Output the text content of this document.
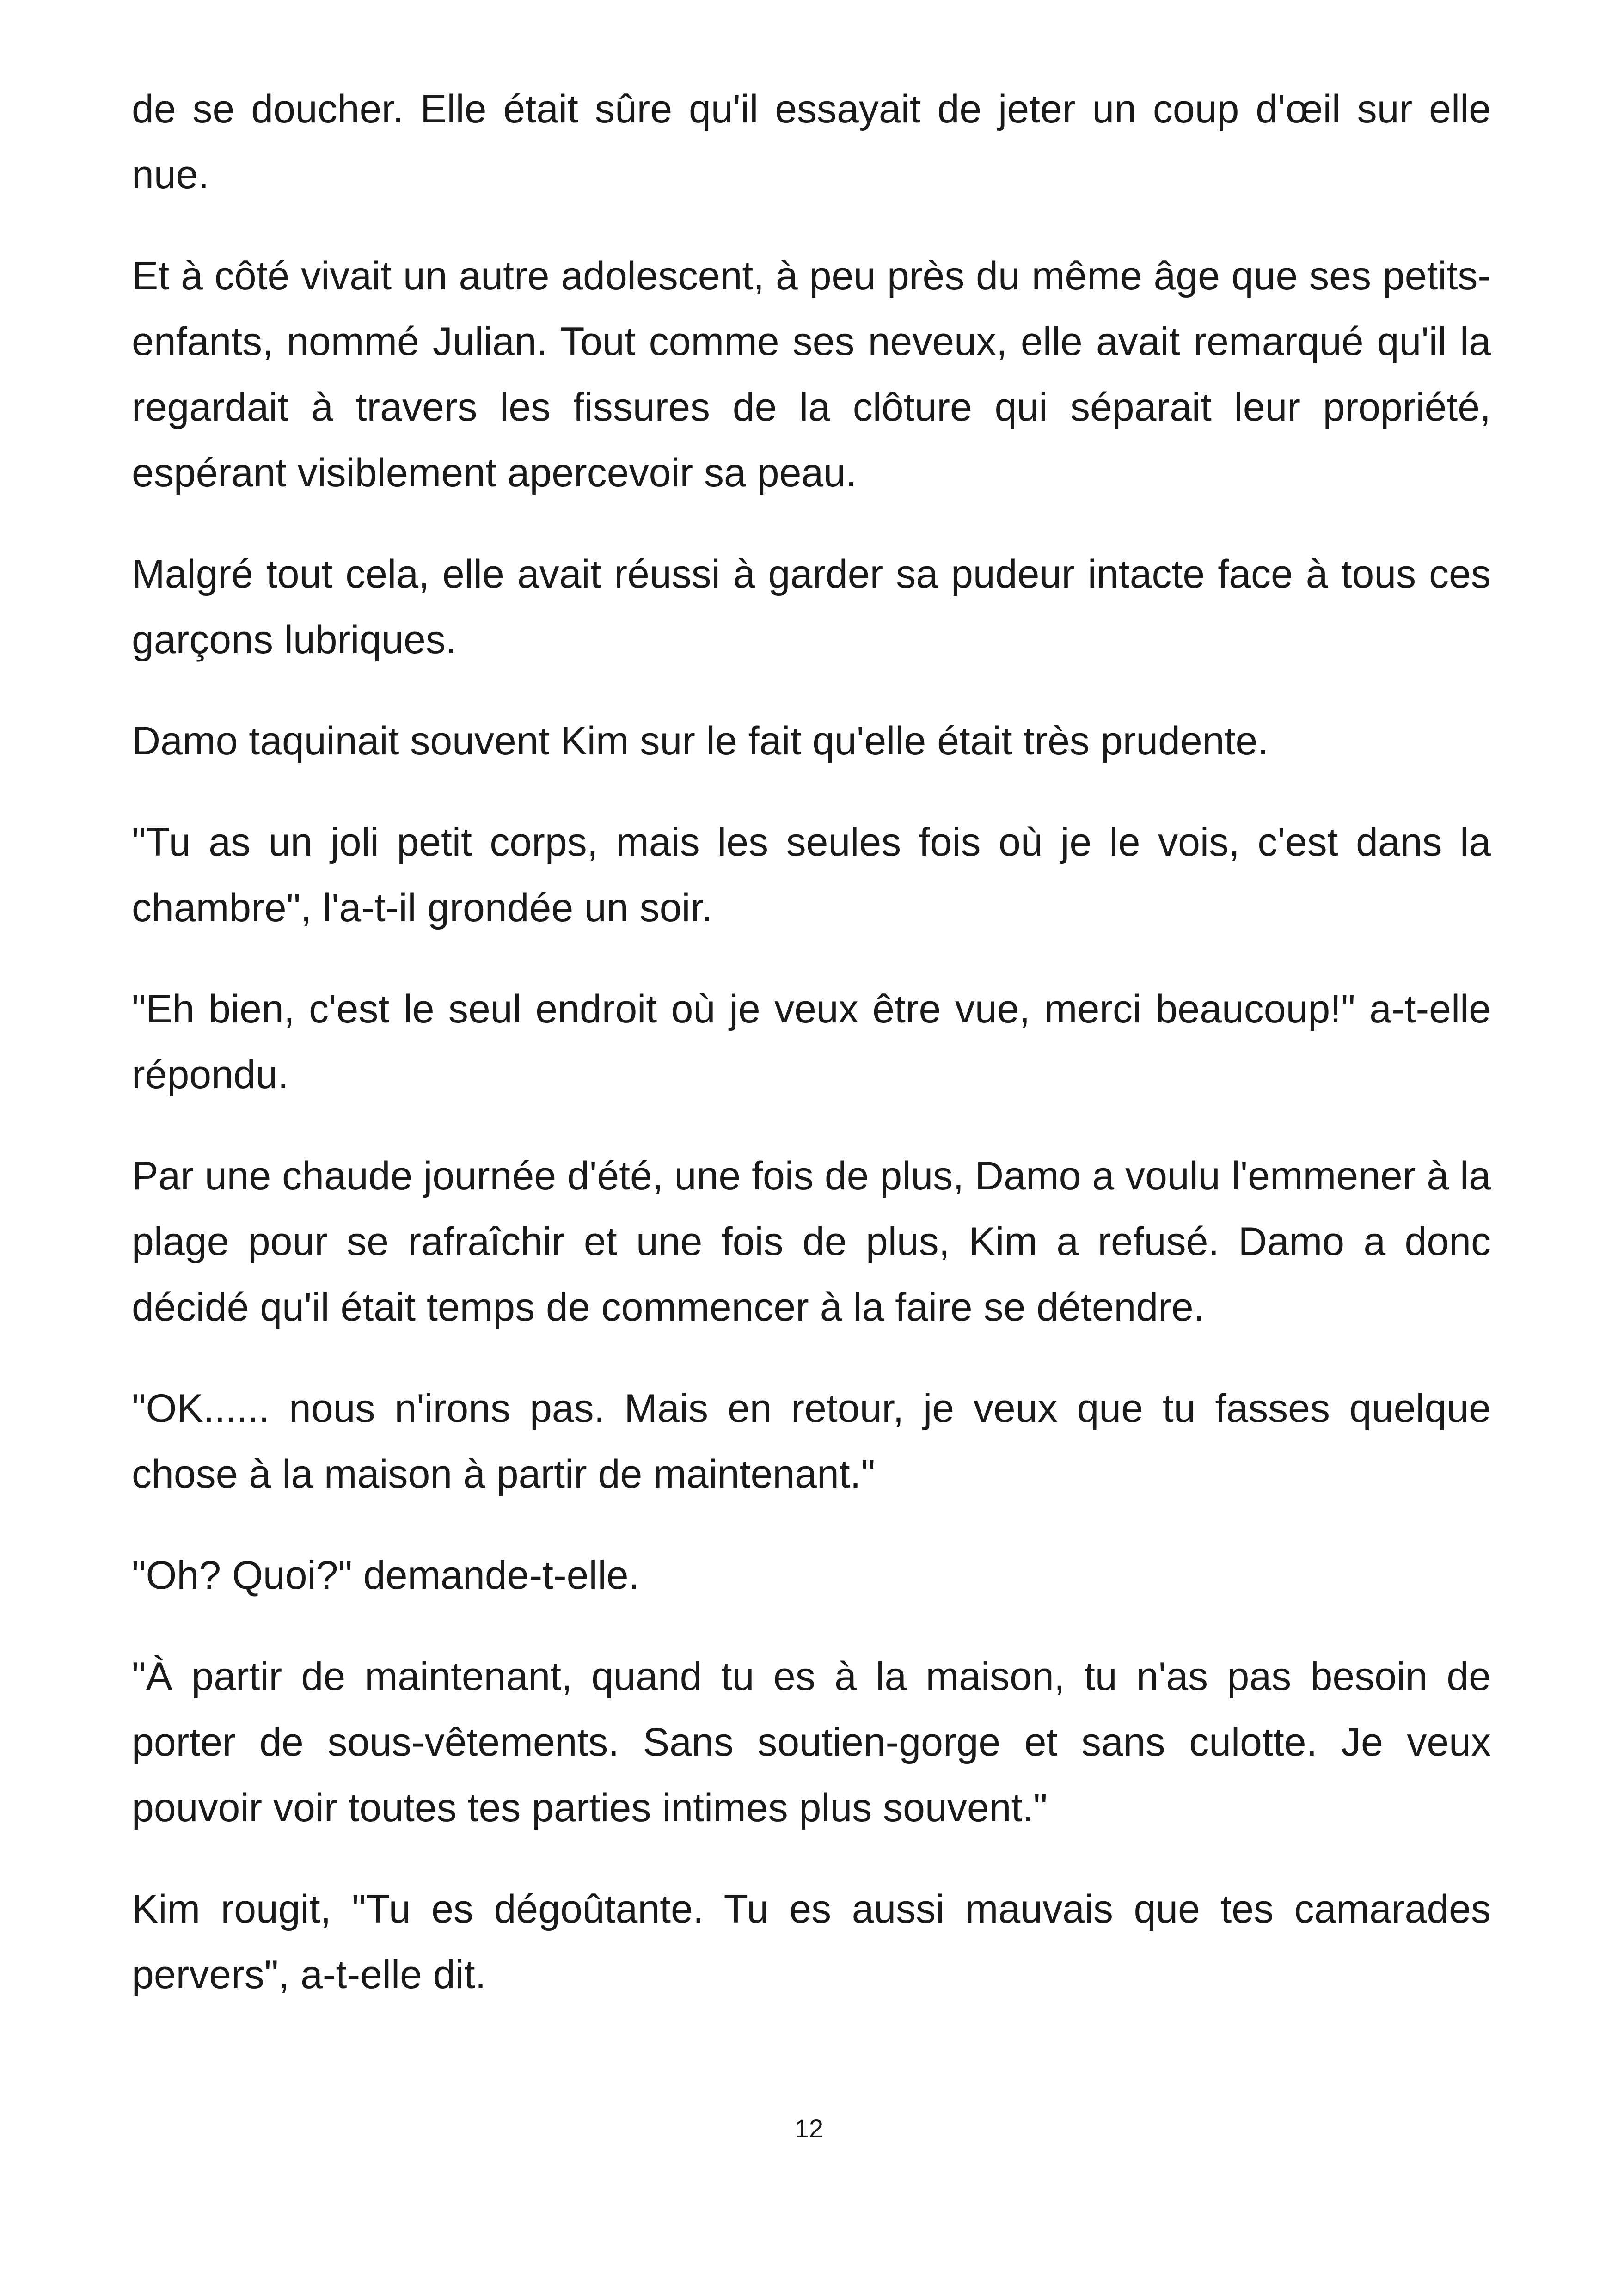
de se doucher. Elle était sûre qu'il essayait de jeter un coup d'œil sur elle nue.

Et à côté vivait un autre adolescent, à peu près du même âge que ses petits-enfants, nommé Julian. Tout comme ses neveux, elle avait remarqué qu'il la regardait à travers les fissures de la clôture qui séparait leur propriété, espérant visiblement apercevoir sa peau.

Malgré tout cela, elle avait réussi à garder sa pudeur intacte face à tous ces garçons lubriques.

Damo taquinait souvent Kim sur le fait qu'elle était très prudente.

"Tu as un joli petit corps, mais les seules fois où je le vois, c'est dans la chambre", l'a-t-il grondée un soir.

"Eh bien, c'est le seul endroit où je veux être vue, merci beaucoup!" a-t-elle répondu.

Par une chaude journée d'été, une fois de plus, Damo a voulu l'emmener à la plage pour se rafraîchir et une fois de plus, Kim a refusé. Damo a donc décidé qu'il était temps de commencer à la faire se détendre.

"OK...... nous n'irons pas. Mais en retour, je veux que tu fasses quelque chose à la maison à partir de maintenant."

"Oh? Quoi?" demande-t-elle.

"À partir de maintenant, quand tu es à la maison, tu n'as pas besoin de porter de sous-vêtements. Sans soutien-gorge et sans culotte. Je veux pouvoir voir toutes tes parties intimes plus souvent."

Kim rougit, "Tu es dégoûtante. Tu es aussi mauvais que tes camarades pervers", a-t-elle dit.

12
